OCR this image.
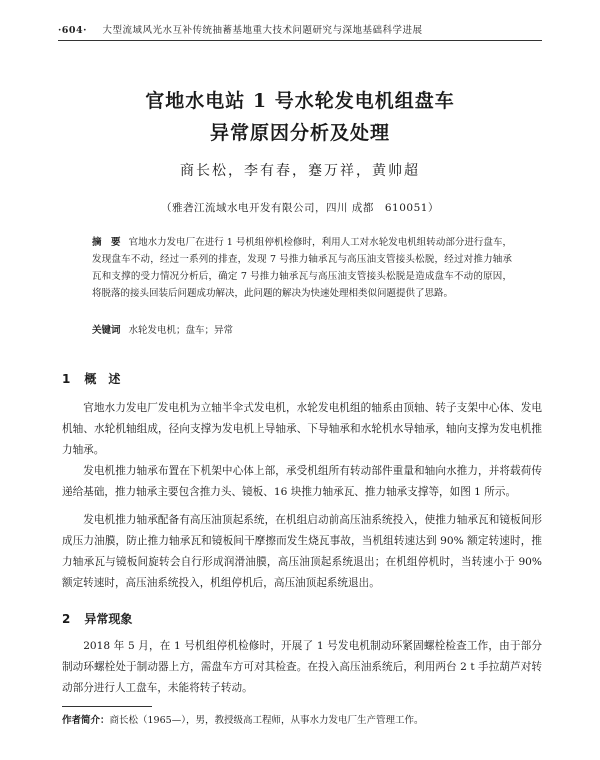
·604· 大型流域风光水互补传统抽蓄基地重大技术问题研究与深地基础科学进展
官地水电站 1 号水轮发电机组盘车
异常原因分析及处理
商长松，李有春，蹇万祥，黄帅超
（雅砻江流域水电开发有限公司，四川 成都　610051）
摘　要 官地水力发电厂在进行 1 号机组停机检修时，利用人工对水轮发电机组转动部分进行盘车，发现盘车不动，经过一系列的排查，发现 7 号推力轴承瓦与高压油支管接头松脱，经过对推力轴承瓦和支撑的受力情况分析后，确定 7 号推力轴承瓦与高压油支管接头松脱是造成盘车不动的原因，将脱落的接头回装后问题成功解决，此问题的解决为快速处理相类似问题提供了思路。
关键词 水轮发电机；盘车；异常
1 概　述
官地水力发电厂发电机为立轴半伞式发电机，水轮发电机组的轴系由顶轴、转子支架中心体、发电机轴、水轮机轴组成，径向支撑为发电机上导轴承、下导轴承和水轮机水导轴承，轴向支撑为发电机推力轴承。
发电机推力轴承布置在下机架中心体上部，承受机组所有转动部件重量和轴向水推力，并将载荷传递给基础，推力轴承主要包含推力头、镜板、16 块推力轴承瓦、推力轴承支撑等，如图 1 所示。
发电机推力轴承配备有高压油顶起系统，在机组启动前高压油系统投入，使推力轴承瓦和镜板间形成压力油膜，防止推力轴承瓦和镜板间干摩擦而发生烧瓦事故，当机组转速达到 90% 额定转速时，推力轴承瓦与镜板间旋转会自行形成润滑油膜，高压油顶起系统退出；在机组停机时，当转速小于 90% 额定转速时，高压油系统投入，机组停机后，高压油顶起系统退出。
2 异常现象
2018 年 5 月，在 1 号机组停机检修时，开展了 1 号发电机制动环紧固螺栓检查工作，由于部分制动环螺栓处于制动器上方，需盘车方可对其检查。在投入高压油系统后，利用两台 2 t 手拉葫芦对转动部分进行人工盘车，未能将转子转动。
作者简介：商长松（1965—），男，教授级高工程师，从事水力发电厂生产管理工作。
